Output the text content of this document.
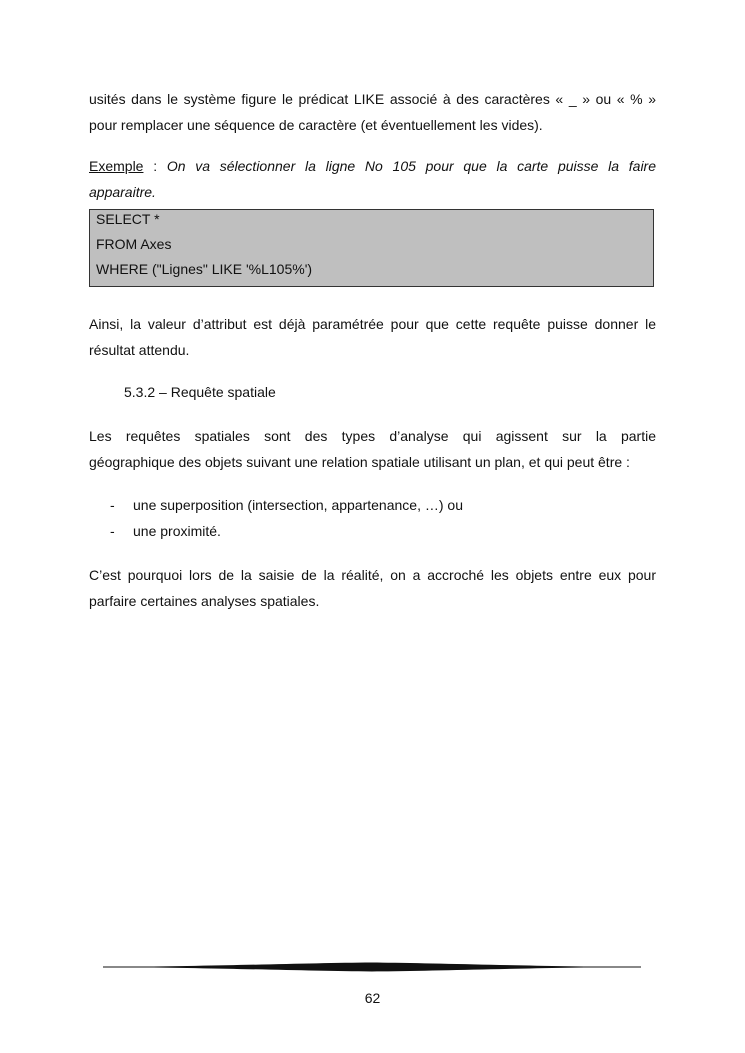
usités dans le système figure le prédicat LIKE associé à des caractères « _ » ou « % »
pour remplacer une séquence de caractère (et éventuellement les vides).

Exemple : On va sélectionner la ligne No 105 pour que la carte puisse la faire
apparaitre.

SELECT *
FROM Axes
WHERE ("Lignes" LIKE '%L105%')

Ainsi, la valeur d’attribut est déjà paramétrée pour que cette requête puisse donner le
résultat attendu.

5.3.2 – Requête spatiale

Les requêtes spatiales sont des types d’analyse qui agissent sur la partie
géographique des objets suivant une relation spatiale utilisant un plan, et qui peut être :

- une superposition (intersection, appartenance, …) ou
- une proximité.

C’est pourquoi lors de la saisie de la réalité, on a accroché les objets entre eux pour
parfaire certaines analyses spatiales.

62
